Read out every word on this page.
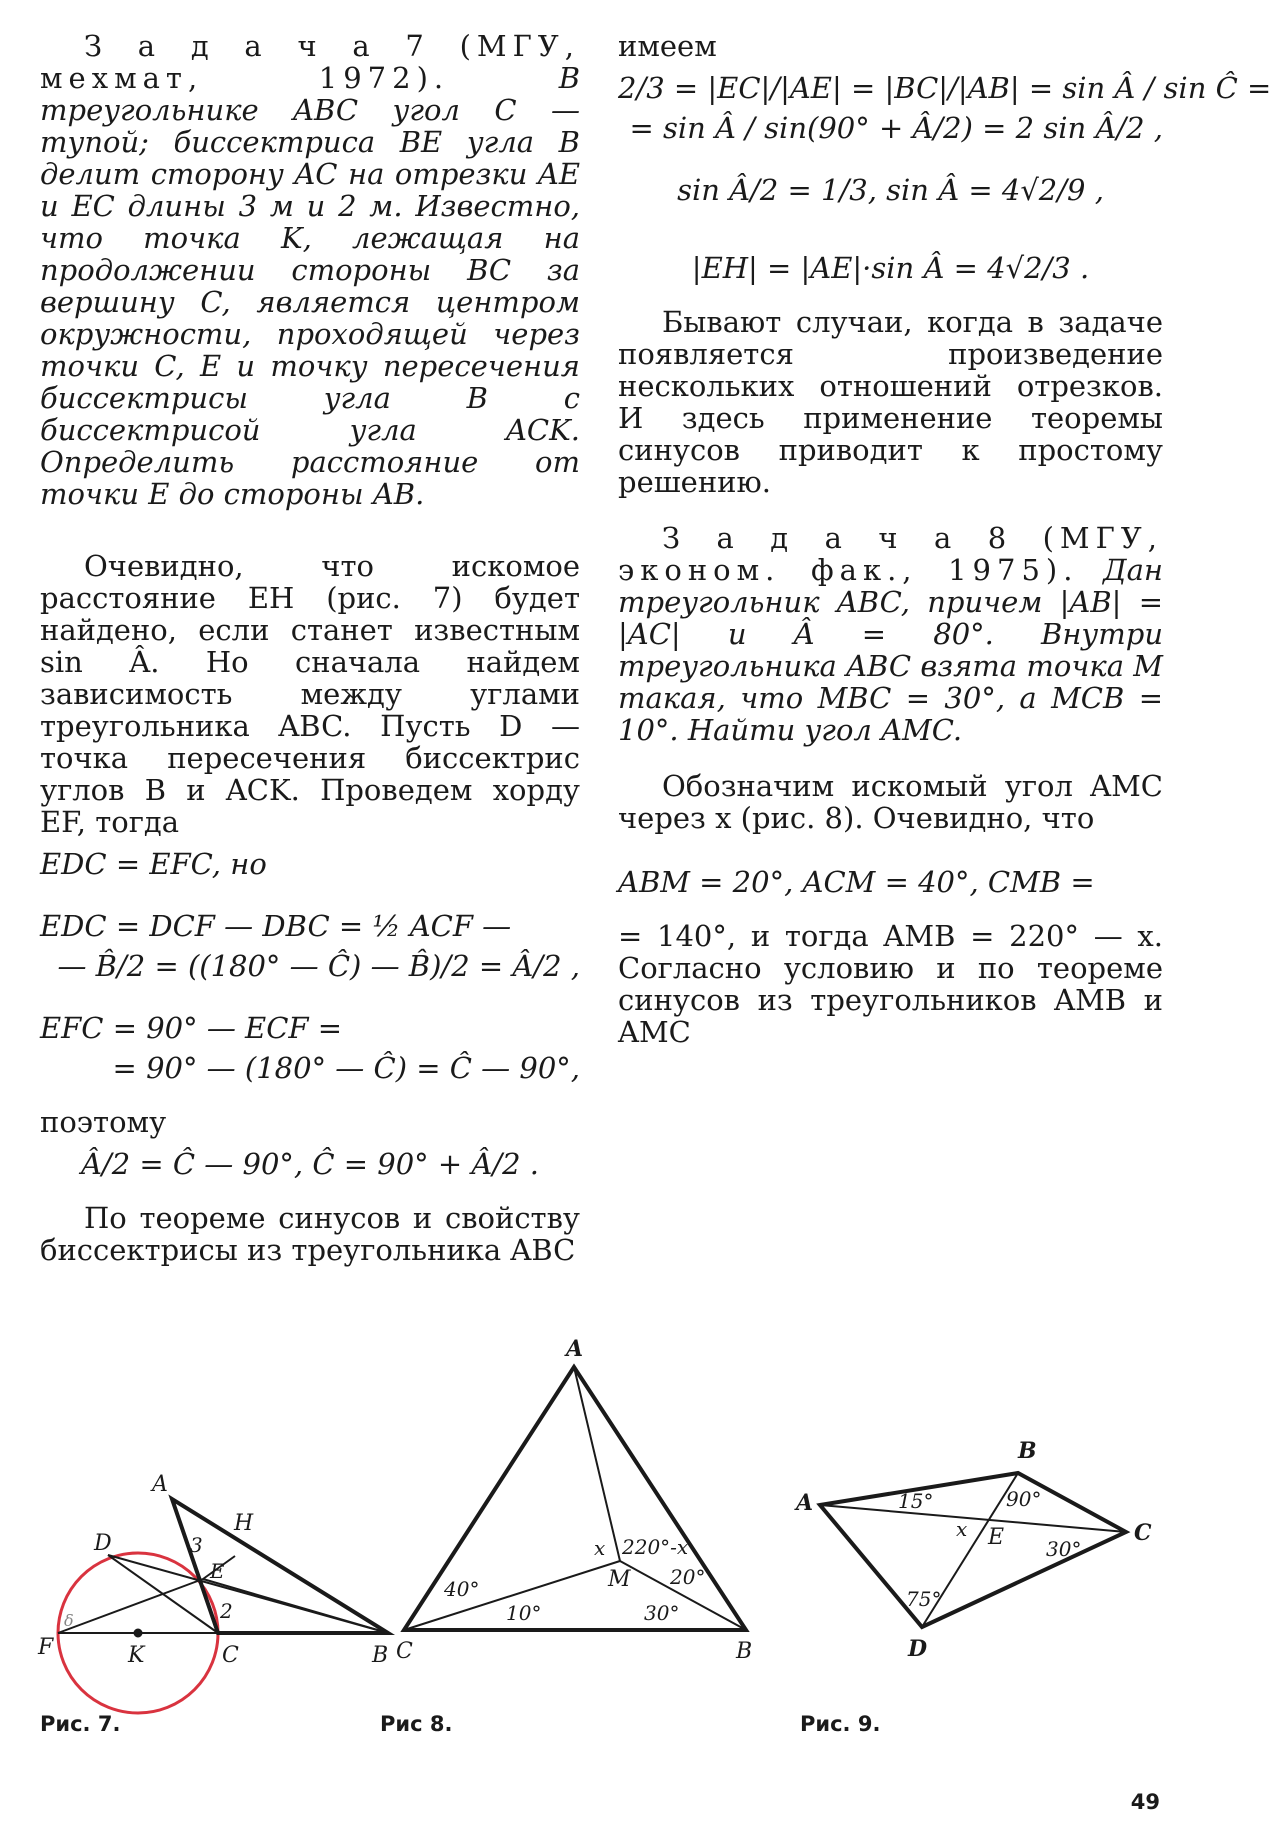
З а д а ч а 7 (МГУ, мехмат, 1972).	В треугольнике ABC угол C — тупой; биссектриса BE угла B делит сторону AC на отрезки AE и EC длины 3 м и 2 м. Известно, что точка K, лежащая на продолжении стороны BC за вершину C, является центром окружности, проходящей через точки C, E и точку пересечения биссектрисы угла B с биссектрисой угла ACK. Определить расстояние от точки E до стороны AB.

Очевидно, что искомое расстояние EH (рис. 7) будет найдено, если станет известным sin Â. Но сначала найдем зависимость между углами треугольника ABC. Пусть D — точка пересечения биссектрис углов B и ACK. Проведем хорду EF, тогда

EDC = EFC, но
EDC = DCF — DBC = ½ ACF —
— B̂/2 = ((180° — Ĉ) — B̂)/2 = Â/2 ,
EFC = 90° — ECF =
= 90° — (180° — Ĉ) = Ĉ — 90°,

поэтому

Â/2 = Ĉ — 90°, Ĉ = 90° + Â/2 .

По теореме синусов и свойству биссектрисы из треугольника ABC

имеем

2/3 = |EC|/|AE| = |BC|/|AB| = sin Â / sin Ĉ =
= sin Â / sin(90° + Â/2) = 2 sin Â/2 ,
sin Â/2 = 1/3, sin Â = 4√2/9 ,
|EH| = |AE|·sin Â = 4√2/3 .

Бывают случаи, когда в задаче появляется произведение нескольких отношений отрезков. И здесь применение теоремы синусов приводит к простому решению.

З а д а ч а 8 (МГУ, эконом. фак., 1975). Дан треугольник ABC, причем |AB| = |AC| и Â = 80°. Внутри треугольника ABC взята точка M такая, что MBC = 30°, а MCB = 10°. Найти угол AMC.

Обозначим искомый угол AMC через x (рис. 8). Очевидно, что

ABM = 20°, ACM = 40°, CMB =

= 140°, и тогда AMB = 220° — x. Согласно условию и по теореме синусов из треугольников AMB и AMC

A
H
D	3
E
2
F	K	C	B
δ
A
x 220°-x
M
40°
10°
20°
30°
C	B
B
A	15°	90°
x E 30°
C
75°
D
Рис. 7.	Рис 8.	Рис. 9.
49
